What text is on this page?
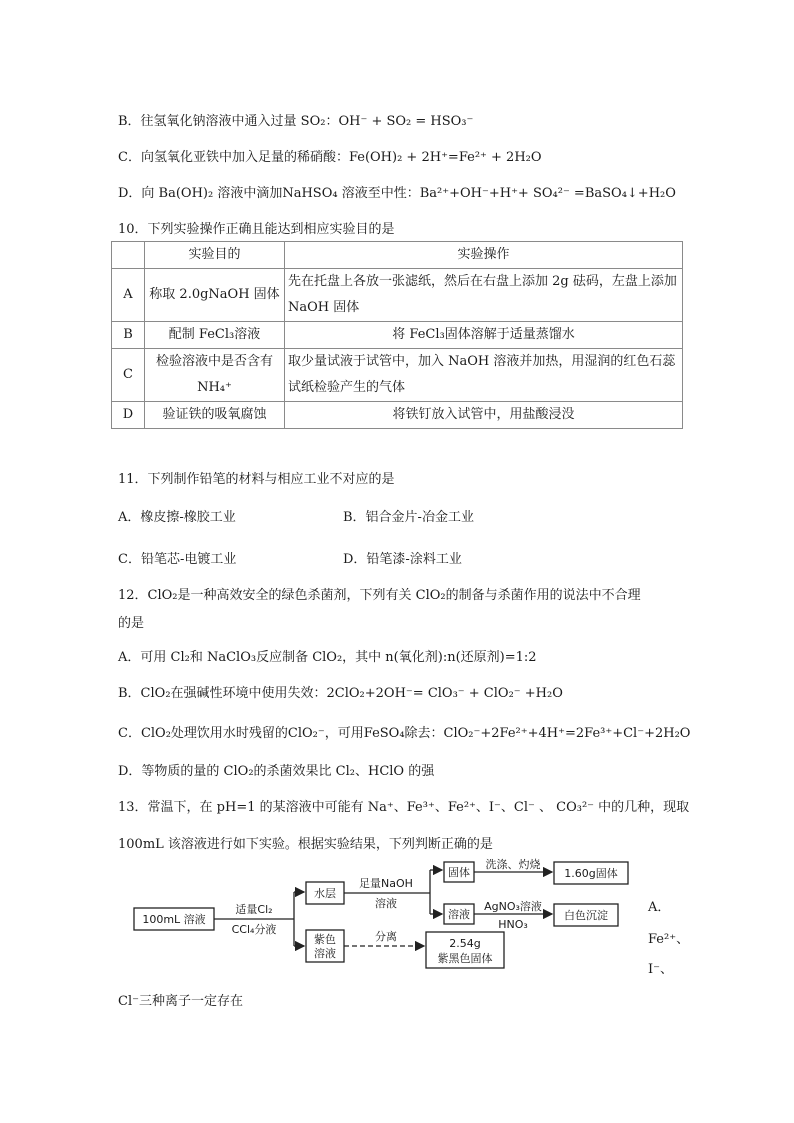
B．往氢氧化钠溶液中通入过量 SO₂：OH⁻ + SO₂ = HSO₃⁻
C．向氢氧化亚铁中加入足量的稀硝酸：Fe(OH)₂ + 2H⁺=Fe²⁺ + 2H₂O
D．向 Ba(OH)₂ 溶液中滴加NaHSO₄ 溶液至中性：Ba²⁺+OH⁻+H⁺+ SO₄²⁻ =BaSO₄↓+H₂O
10．下列实验操作正确且能达到相应实验目的是
	实验目的	实验操作
A	称取 2.0gNaOH 固体	先在托盘上各放一张滤纸，然后在右盘上添加 2g 砝码，左盘上添加NaOH 固体
B	配制 FeCl₃溶液	将 FeCl₃固体溶解于适量蒸馏水
C	检验溶液中是否含有NH₄⁺	取少量试液于试管中，加入 NaOH 溶液并加热，用湿润的红色石蕊试纸检验产生的气体
D	验证铁的吸氧腐蚀	将铁钉放入试管中，用盐酸浸没
11．下列制作铅笔的材料与相应工业不对应的是
A．橡皮擦-橡胶工业	B．铝合金片-冶金工业
C．铅笔芯-电镀工业	D．铅笔漆-涂料工业
12．ClO₂是一种高效安全的绿色杀菌剂，下列有关 ClO₂的制备与杀菌作用的说法中不合理
的是
A．可用 Cl₂和 NaClO₃反应制备 ClO₂，其中 n(氧化剂):n(还原剂)=1:2
B．ClO₂在强碱性环境中使用失效：2ClO₂+2OH⁻= ClO₃⁻ + ClO₂⁻ +H₂O
C．ClO₂处理饮用水时残留的ClO₂⁻，可用FeSO₄除去：ClO₂⁻+2Fe²⁺+4H⁺=2Fe³⁺+Cl⁻+2H₂O
D．等物质的量的 ClO₂的杀菌效果比 Cl₂、HClO 的强
13．常温下，在 pH=1 的某溶液中可能有 Na⁺、Fe³⁺、Fe²⁺、I⁻、Cl⁻ 、 CO₃²⁻ 中的几种，现取
100mL 该溶液进行如下实验。根据实验结果，下列判断正确的是
100mL 溶液
适量Cl₂
CCl₄分液
水层
紫色
溶液
足量NaOH
溶液
固体
溶液
洗涤、灼烧
AgNO₃溶液
HNO₃
1.60g固体
白色沉淀
分离
2.54g
紫黑色固体
A．
Fe²⁺、
I⁻、
Cl⁻三种离子一定存在
